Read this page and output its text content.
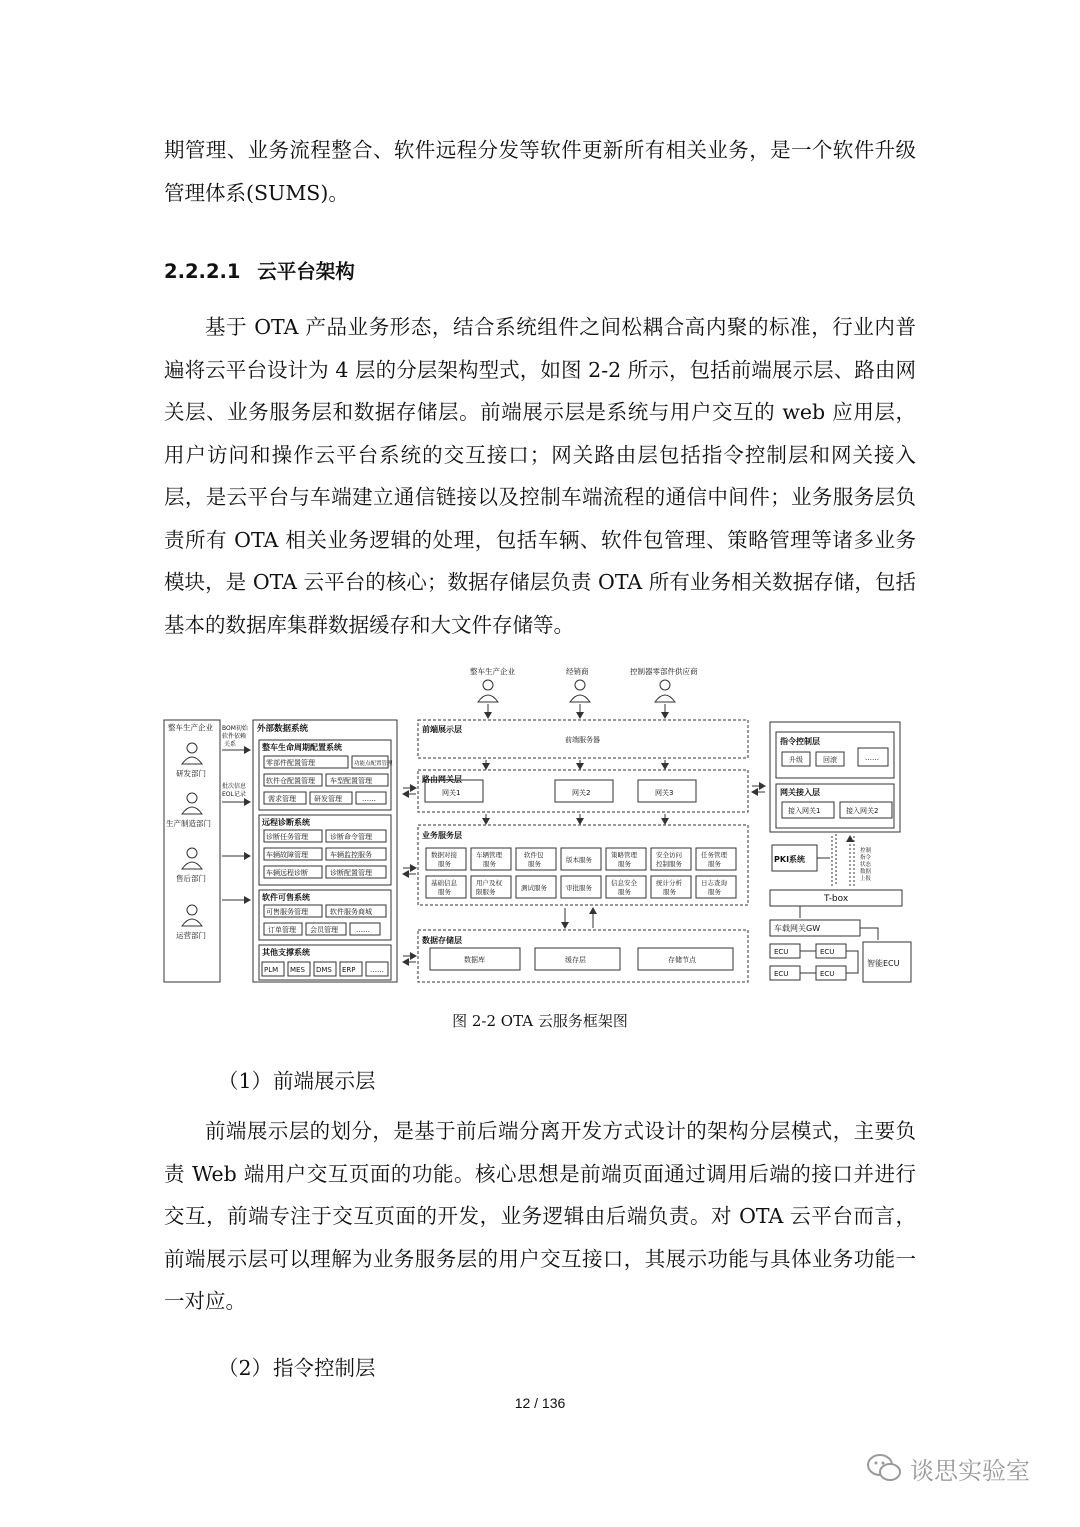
期管理、业务流程整合、软件远程分发等软件更新所有相关业务，是一个软件升级管理体系(SUMS)。

2.2.2.1 云平台架构

基于 OTA 产品业务形态，结合系统组件之间松耦合高内聚的标准，行业内普遍将云平台设计为 4 层的分层架构型式，如图 2-2 所示，包括前端展示层、路由网关层、业务服务层和数据存储层。前端展示层是系统与用户交互的 web 应用层，用户访问和操作云平台系统的交互接口；网关路由层包括指令控制层和网关接入层，是云平台与车端建立通信链接以及控制车端流程的通信中间件；业务服务层负责所有 OTA 相关业务逻辑的处理，包括车辆、软件包管理、策略管理等诸多业务模块，是 OTA 云平台的核心；数据存储层负责 OTA 所有业务相关数据存储，包括基本的数据库集群数据缓存和大文件存储等。

整车生产企业	经销商	控制器零部件供应商
整车生产企业
研发部门
生产制造部门
售后部门
运营部门
BOM初始
软件依赖
关系
批次信息
EOL记录
外部数据系统
整车生命周期配置系统
零部件配置管理	功能点配置管理
软件仓配置管理 车型配置管理
需求管理	研发管理	……
远程诊断系统
诊断任务管理	诊断命令管理
车辆故障管理	车辆监控服务
车辆远程诊断	诊断配置管理
软件可售系统
可售服务管理	软件服务商城
订单管理 会员管理	……
其他支撑系统
PLM MES DMS ERP ……
前端展示层
前端服务器
路由网关层
网关1	网关2	网关3
业务服务层
数据对接
服务
车辆管理
服务
软件包
服务	版本服务
策略管理
服务
安全访问
控制服务
任务管理
服务
基础信息
服务
用户及权
限服务	测试服务	审批服务
信息安全
服务
统计分析
服务
日志查询
服务
数据存储层
数据库	缓存层	存储节点
指令控制层
升级	回滚	……
网关接入层
接入网关1	接入网关2
PKI系统
T-box
车载网关GW
ECU	ECU
ECU	ECU
智能ECU
控制
指令
状态
数据
上报
图 2-2 OTA 云服务框架图
（1）前端展示层

前端展示层的划分，是基于前后端分离开发方式设计的架构分层模式，主要负责 Web 端用户交互页面的功能。核心思想是前端页面通过调用后端的接口并进行交互，前端专注于交互页面的开发，业务逻辑由后端负责。对 OTA 云平台而言，前端展示层可以理解为业务服务层的用户交互接口，其展示功能与具体业务功能一一对应。

（2）指令控制层
12 / 136
谈思实验室
